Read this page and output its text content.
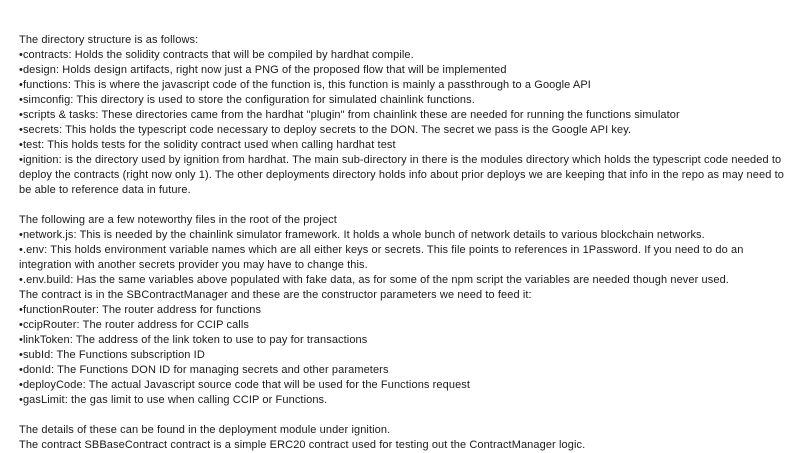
The directory structure is as follows:
•contracts: Holds the solidity contracts that will be compiled by hardhat compile.
•design: Holds design artifacts, right now just a PNG of the proposed flow that will be implemented
•functions: This is where the javascript code of the function is, this function is mainly a passthrough to a Google API
•simconfig: This directory is used to store the configuration for simulated chainlink functions.
•scripts & tasks: These directories came from the hardhat "plugin" from chainlink these are needed for running the functions simulator
•secrets: This holds the typescript code necessary to deploy secrets to the DON. The secret we pass is the Google API key.
•test: This holds tests for the solidity contract used when calling hardhat test
•ignition: is the directory used by ignition from hardhat. The main sub-directory in there is the modules directory which holds the typescript code needed to deploy the contracts (right now only 1). The other deployments directory holds info about prior deploys we are keeping that info in the repo as may need to be able to reference data in future.
The following are a few noteworthy files in the root of the project
•network.js: This is needed by the chainlink simulator framework. It holds a whole bunch of network details to various blockchain networks.
•.env: This holds environment variable names which are all either keys or secrets. This file points to references in 1Password. If you need to do an integration with another secrets provider you may have to change this.
•.env.build: Has the same variables above populated with fake data, as for some of the npm script the variables are needed though never used.
The contract is in the SBContractManager and these are the constructor parameters we need to feed it:
•functionRouter: The router address for functions
•ccipRouter: The router address for CCIP calls
•linkToken: The address of the link token to use to pay for transactions
•subId: The Functions subscription ID
•donId: The Functions DON ID for managing secrets and other parameters
•deployCode: The actual Javascript source code that will be used for the Functions request
•gasLimit: the gas limit to use when calling CCIP or Functions.
The details of these can be found in the deployment module under ignition.
The contract SBBaseContract contract is a simple ERC20 contract used for testing out the ContractManager logic.
